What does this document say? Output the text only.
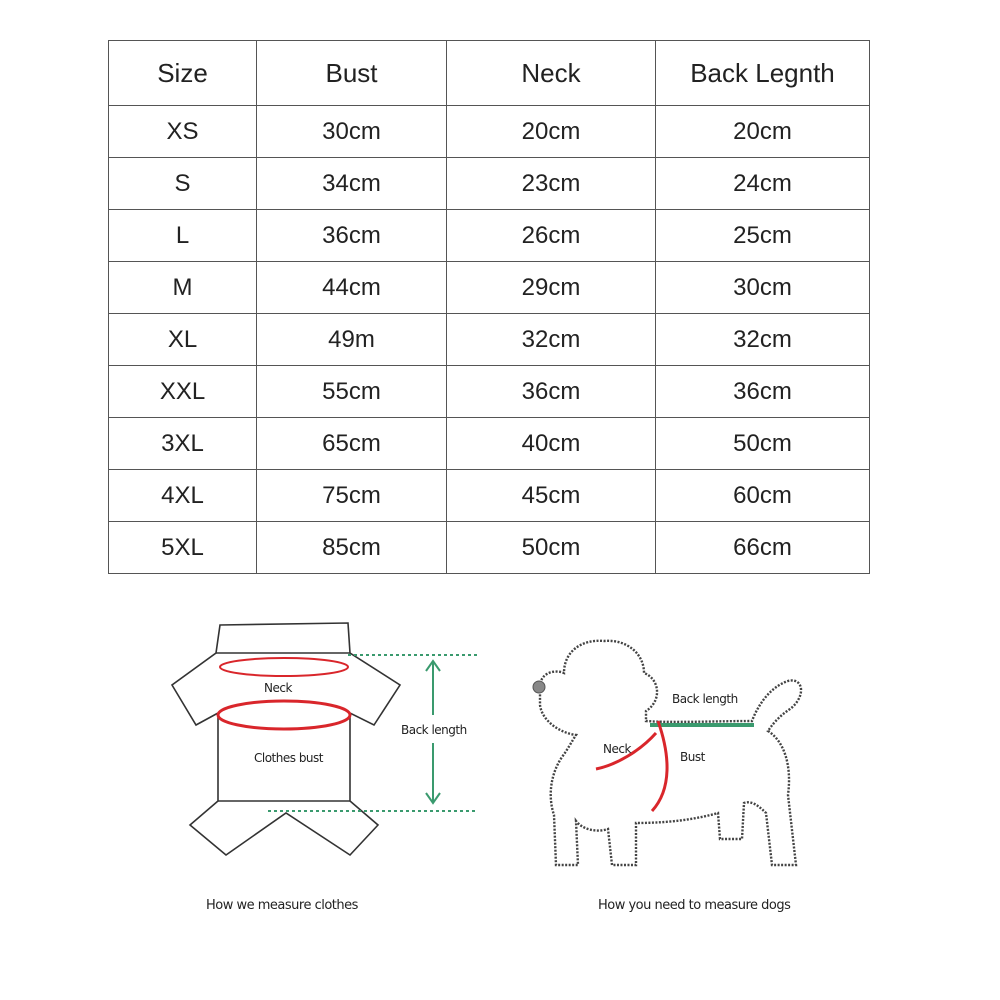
Size	Bust	Neck	Back Legnth
XS	30cm	20cm	20cm
S	34cm	23cm	24cm
L	36cm	26cm	25cm
M	44cm	29cm	30cm
XL	49m	32cm	32cm
XXL	55cm	36cm	36cm
3XL	65cm	40cm	50cm
4XL	75cm	45cm	60cm
5XL	85cm	50cm	66cm
Neck
Clothes bust
Back length
How we measure clothes
Back length
Neck
Bust
How you need to measure dogs
